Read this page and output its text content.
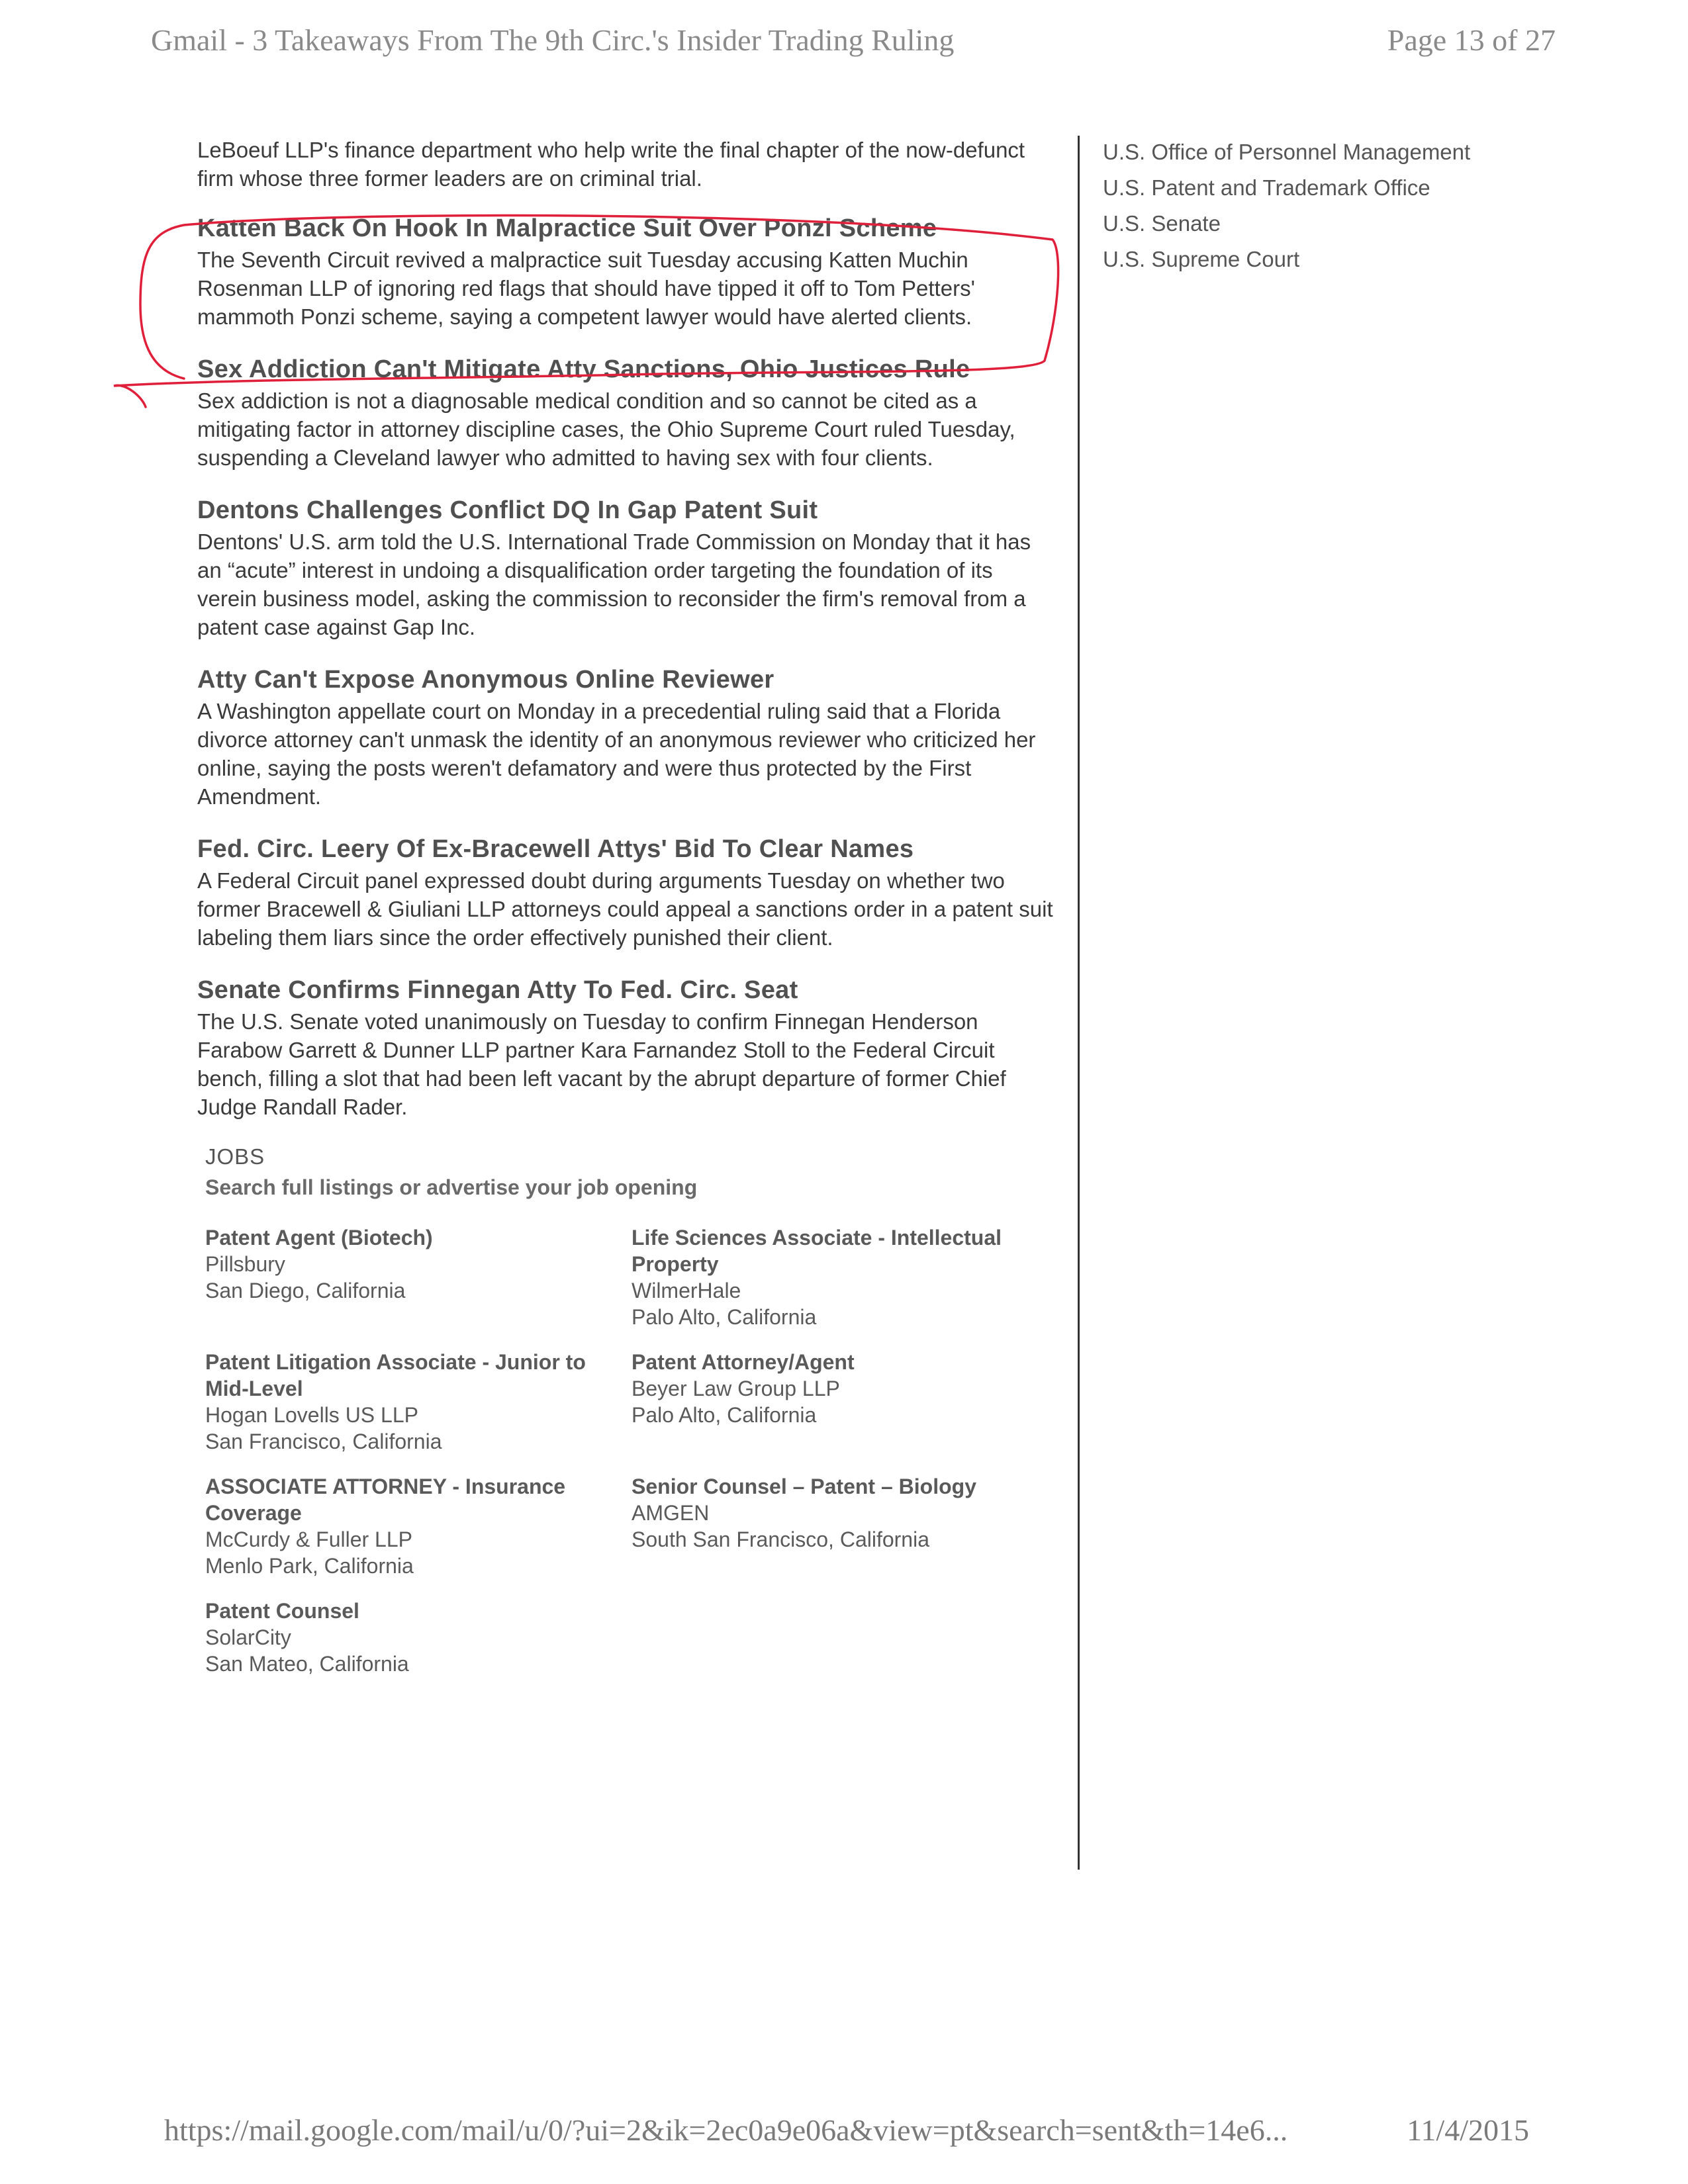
Gmail - 3 Takeaways From The 9th Circ.'s Insider Trading Ruling	Page 13 of 27

LeBoeuf LLP's finance department who help write the final chapter of the now-defunct firm whose three former leaders are on criminal trial.

Katten Back On Hook In Malpractice Suit Over Ponzi Scheme

The Seventh Circuit revived a malpractice suit Tuesday accusing Katten Muchin Rosenman LLP of ignoring red flags that should have tipped it off to Tom Petters' mammoth Ponzi scheme, saying a competent lawyer would have alerted clients.

Sex Addiction Can't Mitigate Atty Sanctions, Ohio Justices Rule

Sex addiction is not a diagnosable medical condition and so cannot be cited as a mitigating factor in attorney discipline cases, the Ohio Supreme Court ruled Tuesday, suspending a Cleveland lawyer who admitted to having sex with four clients.

Dentons Challenges Conflict DQ In Gap Patent Suit

Dentons' U.S. arm told the U.S. International Trade Commission on Monday that it has an “acute” interest in undoing a disqualification order targeting the foundation of its verein business model, asking the commission to reconsider the firm's removal from a patent case against Gap Inc.

Atty Can't Expose Anonymous Online Reviewer

A Washington appellate court on Monday in a precedential ruling said that a Florida divorce attorney can't unmask the identity of an anonymous reviewer who criticized her online, saying the posts weren't defamatory and were thus protected by the First Amendment.

Fed. Circ. Leery Of Ex-Bracewell Attys' Bid To Clear Names

A Federal Circuit panel expressed doubt during arguments Tuesday on whether two former Bracewell & Giuliani LLP attorneys could appeal a sanctions order in a patent suit labeling them liars since the order effectively punished their client.

Senate Confirms Finnegan Atty To Fed. Circ. Seat

The U.S. Senate voted unanimously on Tuesday to confirm Finnegan Henderson Farabow Garrett & Dunner LLP partner Kara Farnandez Stoll to the Federal Circuit bench, filling a slot that had been left vacant by the abrupt departure of former Chief Judge Randall Rader.

JOBS

Search full listings or advertise your job opening

Patent Agent (Biotech)
Pillsbury
San Diego, California
Life Sciences Associate - Intellectual Property
WilmerHale
Palo Alto, California
Patent Litigation Associate - Junior to Mid-Level
Hogan Lovells US LLP
San Francisco, California
Patent Attorney/Agent
Beyer Law Group LLP
Palo Alto, California
ASSOCIATE ATTORNEY - Insurance Coverage
McCurdy & Fuller LLP
Menlo Park, California
Senior Counsel – Patent – Biology
AMGEN
South San Francisco, California
Patent Counsel
SolarCity
San Mateo, California
U.S. Office of Personnel Management
U.S. Patent and Trademark Office
U.S. Senate
U.S. Supreme Court
https://mail.google.com/mail/u/0/?ui=2&ik=2ec0a9e06a&view=pt&search=sent&th=14e6...	11/4/2015
